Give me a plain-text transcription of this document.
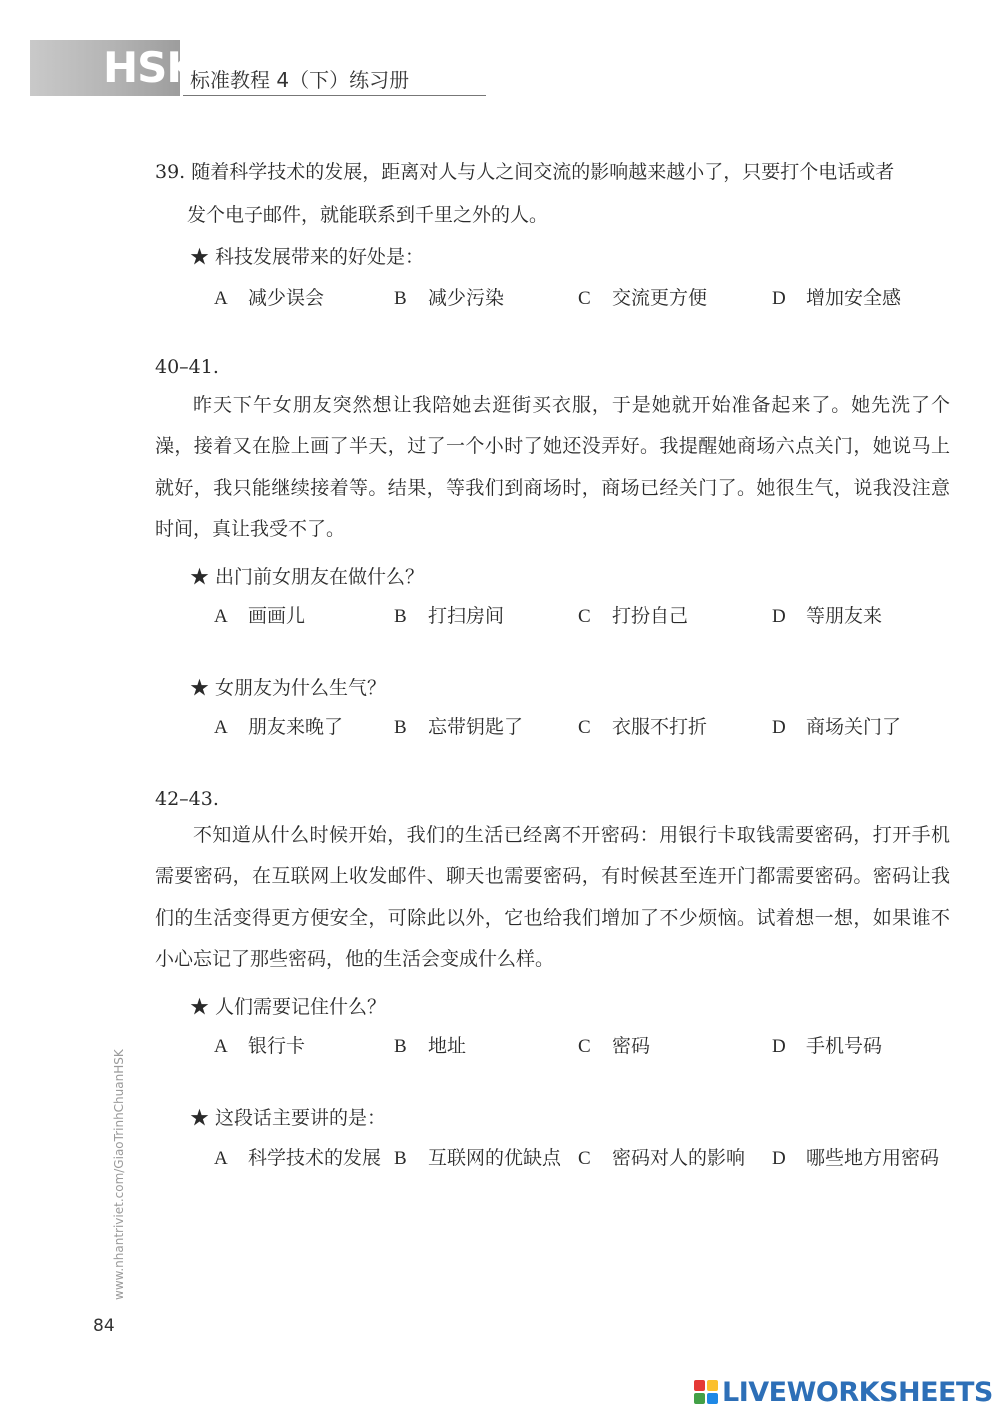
HSK
标准教程 4（下）练习册
39. 随着科学技术的发展，距离对人与人之间交流的影响越来越小了，只要打个电话或者
发个电子邮件，就能联系到千里之外的人。
★ 科技发展带来的好处是：
A 减少误会	B 减少污染	C 交流更方便	D 增加安全感
40–41.
昨天下午女朋友突然想让我陪她去逛街买衣服，于是她就开始准备起来了。她先洗了个澡，接着又在脸上画了半天，过了一个小时了她还没弄好。我提醒她商场六点关门，她说马上就好，我只能继续接着等。结果，等我们到商场时，商场已经关门了。她很生气，说我没注意时间，真让我受不了。
★ 出门前女朋友在做什么？
A 画画儿	B 打扫房间	C 打扮自己	D 等朋友来
★ 女朋友为什么生气？
A 朋友来晚了	B 忘带钥匙了	C 衣服不打折	D 商场关门了
42–43.
不知道从什么时候开始，我们的生活已经离不开密码：用银行卡取钱需要密码，打开手机需要密码，在互联网上收发邮件、聊天也需要密码，有时候甚至连开门都需要密码。密码让我们的生活变得更方便安全，可除此以外，它也给我们增加了不少烦恼。试着想一想，如果谁不小心忘记了那些密码，他的生活会变成什么样。
★ 人们需要记住什么？
A 银行卡	B 地址	C 密码	D 手机号码
★ 这段话主要讲的是：
A 科学技术的发展 B 互联网的优缺点 C 密码对人的影响 D 哪些地方用密码
www.nhantriviet.com/GiaoTrinhChuanHSK
84
LIVEWORKSHEETS
